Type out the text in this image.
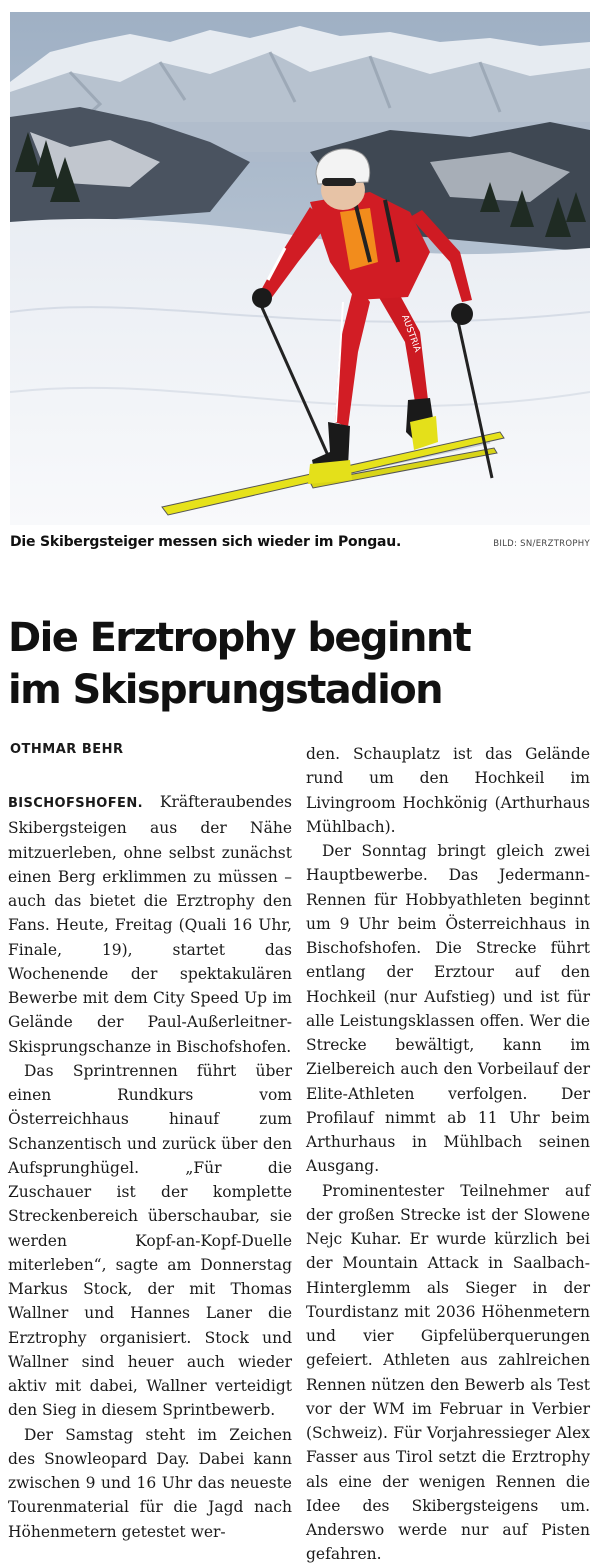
AUSTRIA
Die Skibergsteiger messen sich wieder im Pongau.	BILD: SN/ERZTROPHY
Die Erztrophy beginnt
im Skisprungstadion
OTHMAR BEHR

BISCHOFSHOFEN. Kräfteraubendes Skibergsteigen aus der Nähe mitzuerleben, ohne selbst zunächst einen Berg erklimmen zu müssen – auch das bietet die Erztrophy den Fans. Heute, Freitag (Quali 16 Uhr, Finale, 19), startet das Wochenende der spektakulären Bewerbe mit dem City Speed Up im Gelände der Paul-Außerleitner-Skisprungschanze in Bischofshofen.

Das Sprintrennen führt über einen Rundkurs vom Österreichhaus hinauf zum Schanzentisch und zurück über den Aufsprunghügel. „Für die Zuschauer ist der komplette Streckenbereich überschaubar, sie werden Kopf-an-Kopf-Duelle miterleben“, sagte am Donnerstag Markus Stock, der mit Thomas Wallner und Hannes Laner die Erztrophy organisiert. Stock und Wallner sind heuer auch wieder aktiv mit dabei, Wallner verteidigt den Sieg in diesem Sprintbewerb.

Der Samstag steht im Zeichen des Snowleopard Day. Dabei kann zwischen 9 und 16 Uhr das neueste Tourenmaterial für die Jagd nach Höhenmetern getestet wer-

den. Schauplatz ist das Gelände rund um den Hochkeil im Livingroom Hochkönig (Arthurhaus Mühlbach).

Der Sonntag bringt gleich zwei Hauptbewerbe. Das Jedermann-Rennen für Hobbyathleten beginnt um 9 Uhr beim Österreichhaus in Bischofshofen. Die Strecke führt entlang der Erztour auf den Hochkeil (nur Aufstieg) und ist für alle Leistungsklassen offen. Wer die Strecke bewältigt, kann im Zielbereich auch den Vorbeilauf der Elite-Athleten verfolgen. Der Profilauf nimmt ab 11 Uhr beim Arthurhaus in Mühlbach seinen Ausgang.

Prominentester Teilnehmer auf der großen Strecke ist der Slowene Nejc Kuhar. Er wurde kürzlich bei der Mountain Attack in Saalbach-Hinterglemm als Sieger in der Tourdistanz mit 2036 Höhenmetern und vier Gipfelüberquerungen gefeiert. Athleten aus zahlreichen Rennen nützen den Bewerb als Test vor der WM im Februar in Verbier (Schweiz). Für Vorjahressieger Alex Fasser aus Tirol setzt die Erztrophy als eine der wenigen Rennen die Idee des Skibergsteigens um. Anderswo werde nur auf Pisten gefahren.
